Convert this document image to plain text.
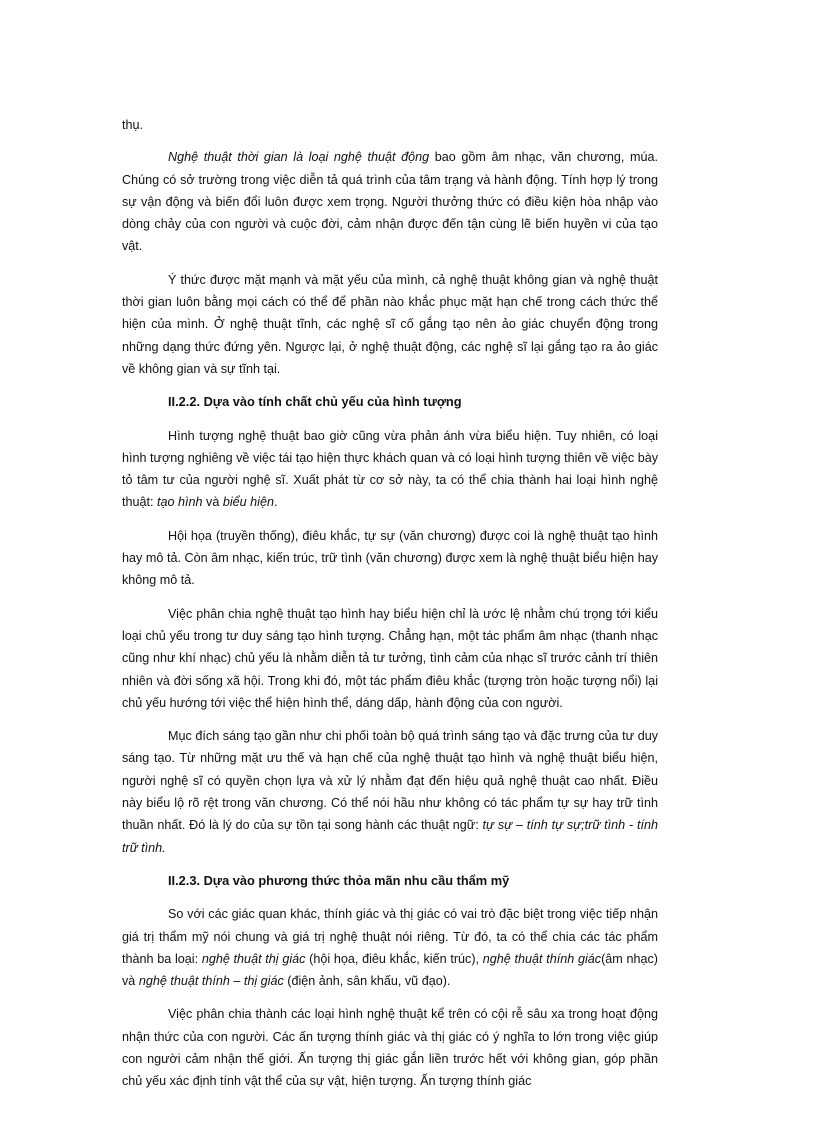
thụ.

Nghệ thuật thời gian là loại nghệ thuật động bao gồm âm nhạc, văn chương, múa. Chúng có sở trường trong việc diễn tả quá trình của tâm trạng và hành động. Tính hợp lý trong sự vận động và biến đổi luôn được xem trọng. Người thưởng thức có điều kiện hòa nhập vào dòng chảy của con người và cuộc đời, cảm nhận được đến tận cùng lẽ biến huyền vi của tạo vật.

Ý thức được mặt mạnh và mặt yếu của mình, cả nghệ thuật không gian và nghệ thuật thời gian luôn bằng mọi cách có thể để phần nào khắc phục mặt hạn chế trong cách thức thể hiện của mình. Ở nghệ thuật tĩnh, các nghệ sĩ cố gắng tạo nên ảo giác chuyển động trong những dạng thức đứng yên. Ngược lại, ở nghệ thuật động, các nghệ sĩ lại gắng tạo ra ảo giác về không gian và sự tĩnh tại.

II.2.2. Dựa vào tính chất chủ yếu của hình tượng

Hình tượng nghệ thuật bao giờ cũng vừa phản ánh vừa biểu hiện. Tuy nhiên, có loại hình tượng nghiêng về việc tái tạo hiện thực khách quan và có loại hình tượng thiên về việc bày tỏ tâm tư của người nghệ sĩ. Xuất phát từ cơ sở này, ta có thể chia thành hai loại hình nghệ thuật: tạo hình và biểu hiện.

Hội họa (truyền thống), điêu khắc, tự sự (văn chương) được coi là nghệ thuật tạo hình hay mô tả. Còn âm nhạc, kiến trúc, trữ tình (văn chương) được xem là nghệ thuật biểu hiện hay không mô tả.

Việc phân chia nghệ thuật tạo hình hay biểu hiện chỉ là ước lệ nhằm chú trọng tới kiểu loại chủ yếu trong tư duy sáng tạo hình tượng. Chẳng hạn, một tác phẩm âm nhạc (thanh nhạc cũng như khí nhạc) chủ yếu là nhằm diễn tả tư tưởng, tình cảm của nhạc sĩ trước cảnh trí thiên nhiên và đời sống xã hội. Trong khi đó, một tác phẩm điêu khắc (tượng tròn hoặc tượng nổi) lại chủ yếu hướng tới việc thể hiện hình thể, dáng dấp, hành động của con người.

Mục đích sáng tạo gần như chi phối toàn bộ quá trình sáng tạo và đặc trưng của tư duy sáng tạo. Từ những mặt ưu thế và hạn chế của nghệ thuật tạo hình và nghệ thuật biểu hiện, người nghệ sĩ có quyền chọn lựa và xử lý nhằm đạt đến hiệu quả nghệ thuật cao nhất. Điều này biểu lộ rõ rệt trong văn chương. Có thể nói hầu như không có tác phẩm tự sự hay trữ tình thuần nhất. Đó là lý do của sự tồn tại song hành các thuật ngữ: tự sự – tính tự sự;trữ tình - tính trữ tình.

II.2.3. Dựa vào phương thức thỏa mãn nhu cầu thẩm mỹ

So với các giác quan khác, thính giác và thị giác có vai trò đặc biệt trong việc tiếp nhận giá trị thẩm mỹ nói chung và giá trị nghệ thuật nói riêng. Từ đó, ta có thể chia các tác phẩm thành ba loại: nghệ thuật thị giác (hội họa, điêu khắc, kiến trúc), nghệ thuật thính giác(âm nhạc) và nghệ thuật thính – thị giác (điện ảnh, sân khấu, vũ đạo).

Việc phân chia thành các loại hình nghệ thuật kể trên có cội rễ sâu xa trong hoạt động nhận thức của con người. Các ấn tượng thính giác và thị giác có ý nghĩa to lớn trong việc giúp con người cảm nhận thế giới. Ấn tượng thị giác gắn liền trước hết với không gian, góp phần chủ yếu xác định tính vật thể của sự vật, hiện tượng. Ấn tượng thính giác
